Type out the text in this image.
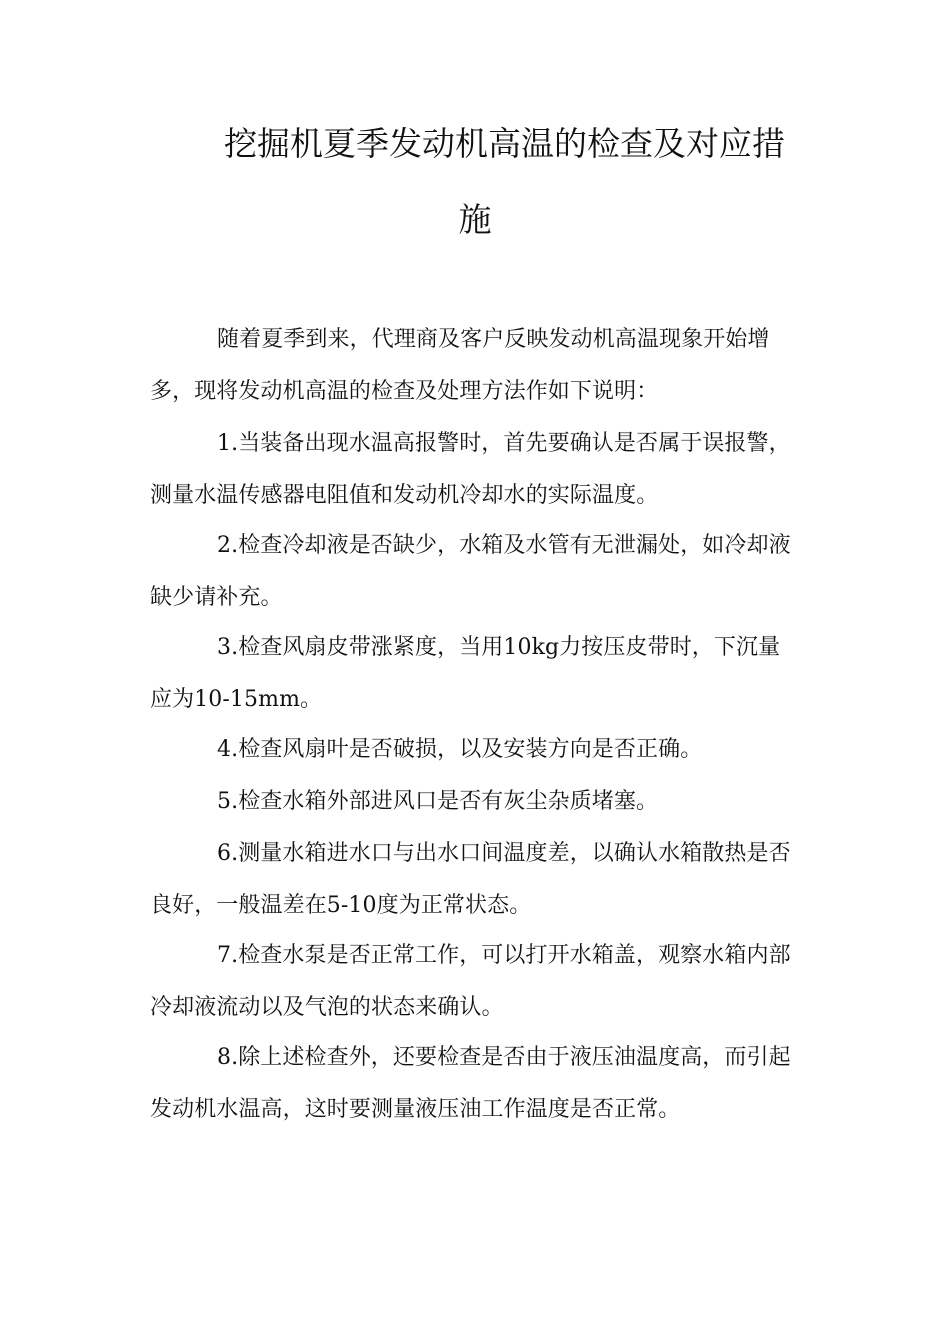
挖掘机夏季发动机高温的检查及对应措
施

随着夏季到来，代理商及客户反映发动机高温现象开始增多，现将发动机高温的检查及处理方法作如下说明：

1.当装备出现水温高报警时，首先要确认是否属于误报警，测量水温传感器电阻值和发动机冷却水的实际温度。

2.检查冷却液是否缺少，水箱及水管有无泄漏处，如冷却液缺少请补充。

3.检查风扇皮带涨紧度，当用10kg力按压皮带时，下沉量应为10-15mm。

4.检查风扇叶是否破损，以及安装方向是否正确。

5.检查水箱外部进风口是否有灰尘杂质堵塞。

6.测量水箱进水口与出水口间温度差，以确认水箱散热是否良好，一般温差在5-10度为正常状态。

7.检查水泵是否正常工作，可以打开水箱盖，观察水箱内部冷却液流动以及气泡的状态来确认。

8.除上述检查外，还要检查是否由于液压油温度高，而引起发动机水温高，这时要测量液压油工作温度是否正常。
